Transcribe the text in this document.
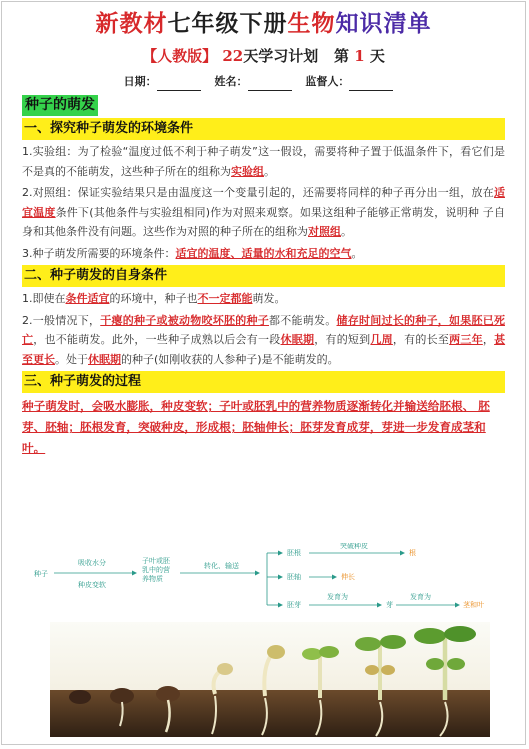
新教材七年级下册生物知识清单
【人教版】 22天学习计划 第 1 天
日期：	姓名：	监督人：
种子的萌发
一、探究种子萌发的环境条件
1.实验组：为了检验“温度过低不利于种子萌发”这一假设，需要将种子置于低温条件下，看它们是不是真的不能萌发，这些种子所在的组称为实验组。
2.对照组：保证实验结果只是由温度这一个变量引起的，还需要将同样的种子再分出一组，放在适宜温度条件下(其他条件与实验组相同)作为对照来观察。如果这组种子能够正常萌发，说明种 子自身和其他条件没有问题。这些作为对照的种子所在的组称为对照组。
3.种子萌发所需要的环境条件：适宜的温度、适量的水和充足的空气。
二、种子萌发的自身条件
1.即使在条件适宜的环境中，种子也不一定都能萌发。
2.一般情况下，干瘪的种子或被动物咬坏胚的种子都不能萌发。储存时间过长的种子，如果胚已死亡，也不能萌发。此外，一些种子成熟以后会有一段休眠期，有的短到几周，有的长至两三年，甚至更长。处于休眠期的种子(如刚收获的人参种子)是不能萌发的。
三、种子萌发的过程
种子萌发时，会吸水膨胀，种皮变软；子叶或胚乳中的营养物质逐渐转化并输送给胚根、 胚芽、胚轴；胚根发育，突破种皮，形成根；胚轴伸长；胚芽发育成芽，芽进一步发育成茎和叶。
种子
吸收水分
种皮变软
子叶或胚 乳中的营 养物质
转化、输送
胚根
胚轴
胚芽
突破种皮
根
伸长
发育为
芽
发育为
茎和叶
